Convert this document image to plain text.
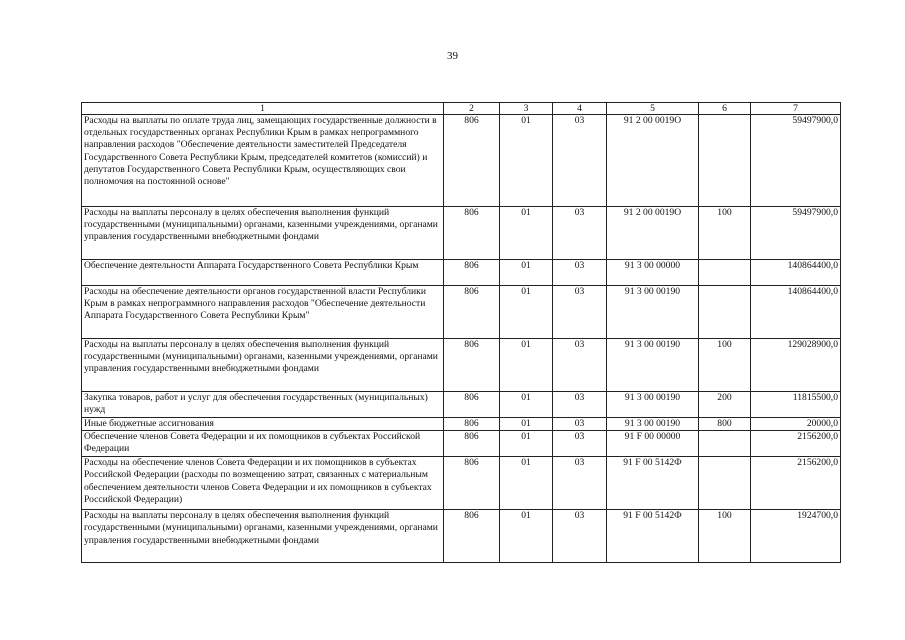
39
1	2	3	4	5	6	7
Расходы на выплаты по оплате труда лиц, замещающих государственные должности в отдельных государственных органах Республики Крым в рамках непрограммного направления расходов "Обеспечение деятельности заместителей Председателя Государственного Совета Республики Крым, председателей комитетов (комиссий) и депутатов Государственного Совета Республики Крым, осуществляющих свои полномочия на постоянной основе"	806	01	03	91 2 00 0019О		59497900,0
Расходы на выплаты персоналу в целях обеспечения выполнения функций государственными (муниципальными) органами, казенными учреждениями, органами управления государственными внебюджетными фондами	806	01	03	91 2 00 0019О	100	59497900,0
Обеспечение деятельности Аппарата Государственного Совета Республики Крым	806	01	03	91 3 00 00000		140864400,0
Расходы на обеспечение деятельности органов государственной власти Республики Крым в рамках непрограммного направления расходов "Обеспечение деятельности Аппарата Государственного Совета Республики Крым"	806	01	03	91 3 00 00190		140864400,0
Расходы на выплаты персоналу в целях обеспечения выполнения функций государственными (муниципальными) органами, казенными учреждениями, органами управления государственными внебюджетными фондами	806	01	03	91 3 00 00190	100	129028900,0
Закупка товаров, работ и услуг для обеспечения государственных (муниципальных) нужд	806	01	03	91 3 00 00190	200	11815500,0
Иные бюджетные ассигнования	806	01	03	91 3 00 00190	800	20000,0
Обеспечение членов Совета Федерации и их помощников в субъектах Российской Федерации	806	01	03	91 F 00 00000		2156200,0
Расходы на обеспечение членов Совета Федерации и их помощников в субъектах Российской Федерации (расходы по возмещению затрат, связанных с материальным обеспечением деятельности членов Совета Федерации и их помощников в субъектах Российской Федерации)	806	01	03	91 F 00 5142Ф		2156200,0
Расходы на выплаты персоналу в целях обеспечения выполнения функций государственными (муниципальными) органами, казенными учреждениями, органами управления государственными внебюджетными фондами	806	01	03	91 F 00 5142Ф	100	1924700,0
